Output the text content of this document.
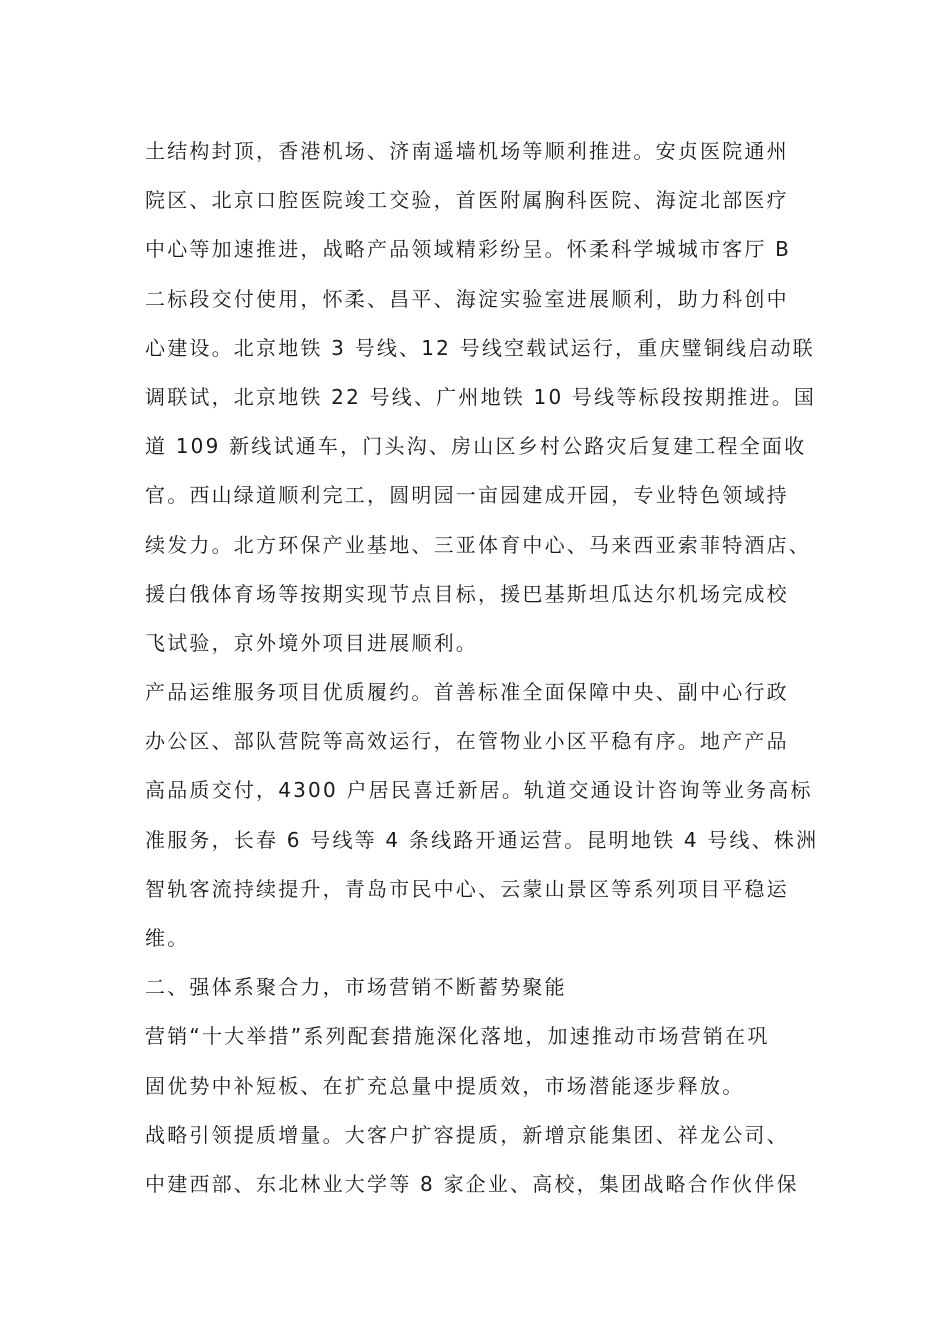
土结构封顶，香港机场、济南遥墙机场等顺利推进。安贞医院通州
院区、北京口腔医院竣工交验，首医附属胸科医院、海淀北部医疗
中心等加速推进，战略产品领域精彩纷呈。怀柔科学城城市客厅 B
二标段交付使用，怀柔、昌平、海淀实验室进展顺利，助力科创中
心建设。北京地铁 3 号线、12 号线空载试运行，重庆璧铜线启动联
调联试，北京地铁 22 号线、广州地铁 10 号线等标段按期推进。国
道 109 新线试通车，门头沟、房山区乡村公路灾后复建工程全面收
官。西山绿道顺利完工，圆明园一亩园建成开园，专业特色领域持
续发力。北方环保产业基地、三亚体育中心、马来西亚索菲特酒店、
援白俄体育场等按期实现节点目标，援巴基斯坦瓜达尔机场完成校
飞试验，京外境外项目进展顺利。
产品运维服务项目优质履约。首善标准全面保障中央、副中心行政
办公区、部队营院等高效运行，在管物业小区平稳有序。地产产品
高品质交付，4300 户居民喜迁新居。轨道交通设计咨询等业务高标
准服务，长春 6 号线等 4 条线路开通运营。昆明地铁 4 号线、株洲
智轨客流持续提升，青岛市民中心、云蒙山景区等系列项目平稳运
维。
二、强体系聚合力，市场营销不断蓄势聚能
营销“十大举措”系列配套措施深化落地，加速推动市场营销在巩
固优势中补短板、在扩充总量中提质效，市场潜能逐步释放。
战略引领提质增量。大客户扩容提质，新增京能集团、祥龙公司、
中建西部、东北林业大学等 8 家企业、高校，集团战略合作伙伴保
